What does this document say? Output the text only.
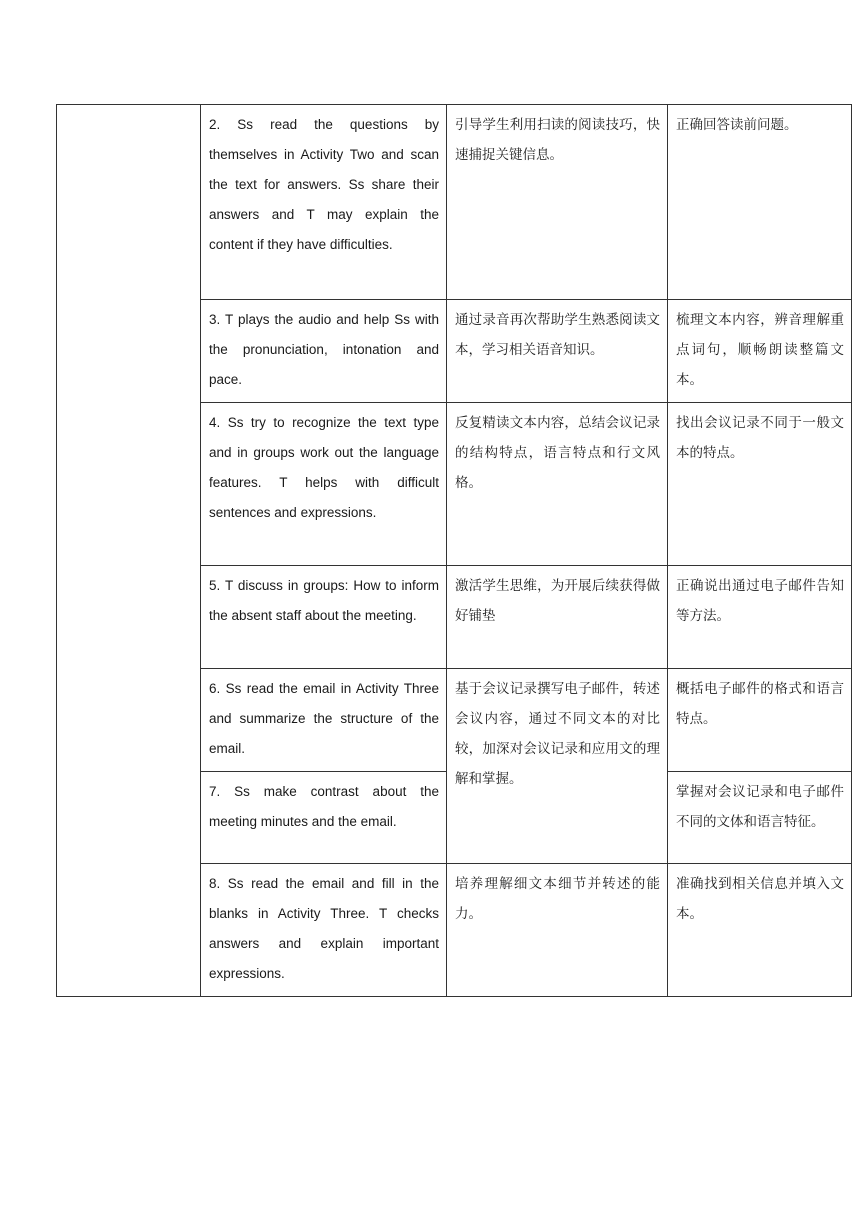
	2. Ss read the questions by themselves in Activity Two and scan the text for answers. Ss share their answers and T may explain the content if they have difficulties.	引导学生利用扫读的阅读技巧，快速捕捉关键信息。	正确回答读前问题。
	3. T plays the audio and help Ss with the pronunciation, intonation and pace.	通过录音再次帮助学生熟悉阅读文本，学习相关语音知识。	梳理文本内容，辨音理解重点词句，顺畅朗读整篇文本。
	4. Ss try to recognize the text type and in groups work out the language features. T helps with difficult sentences and expressions.	反复精读文本内容，总结会议记录的结构特点，语言特点和行文风格。	找出会议记录不同于一般文本的特点。
	5. T discuss in groups: How to inform the absent staff about the meeting.	激活学生思维，为开展后续获得做好铺垫	正确说出通过电子邮件告知等方法。
	6. Ss read the email in Activity Three and summarize the structure of the email.	基于会议记录撰写电子邮件，转述会议内容，通过不同文本的对比较，加深对会议记录和应用文的理解和掌握。	概括电子邮件的格式和语言特点。
	7. Ss make contrast about the meeting minutes and the email.		掌握对会议记录和电子邮件不同的文体和语言特征。
	8. Ss read the email and fill in the blanks in Activity Three. T checks answers and explain important expressions.	培养理解细文本细节并转述的能力。	准确找到相关信息并填入文本。
